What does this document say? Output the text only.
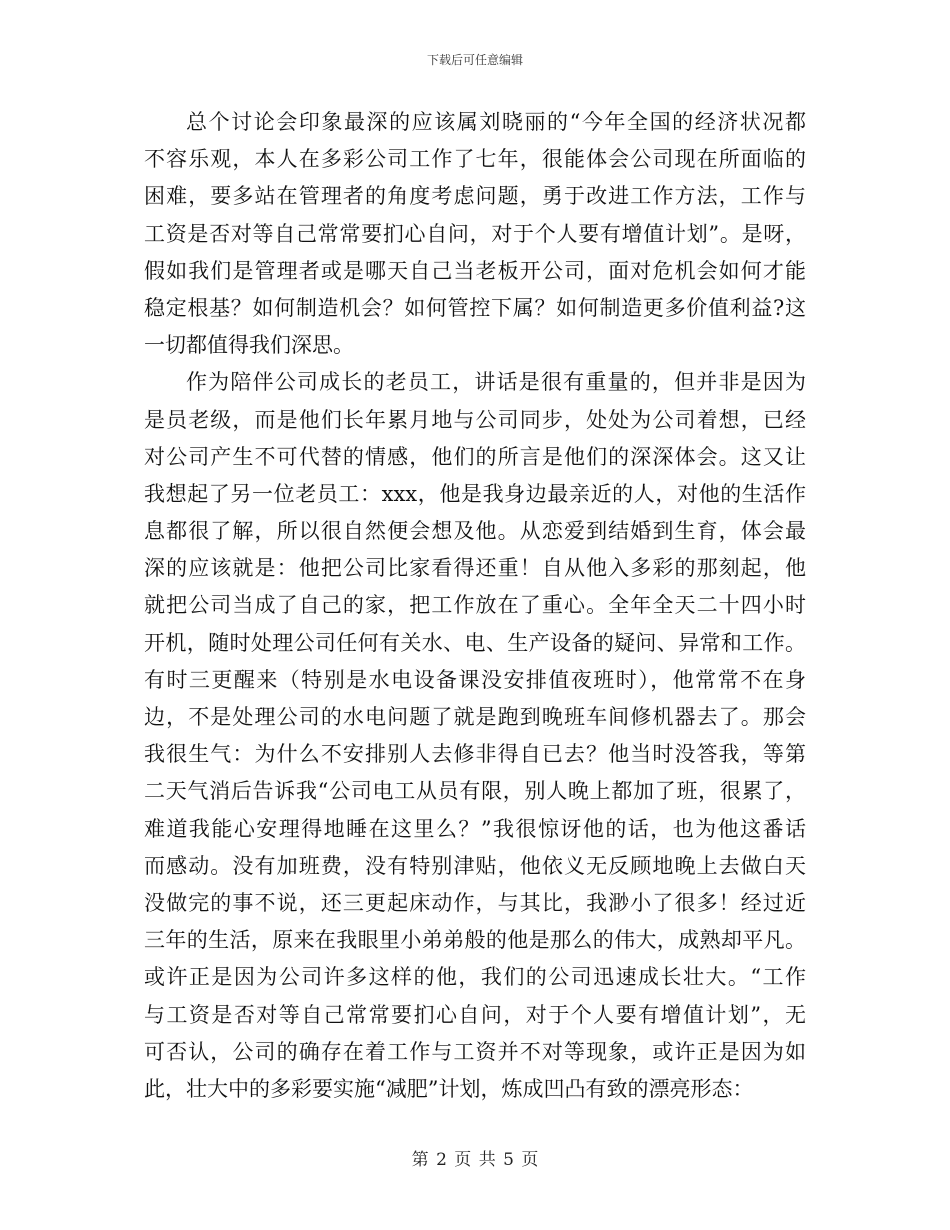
下载后可任意编辑
总个讨论会印象最深的应该属刘晓丽的“今年全国的经济状况都
不容乐观，本人在多彩公司工作了七年，很能体会公司现在所面临的
困难，要多站在管理者的角度考虑问题，勇于改进工作方法，工作与
工资是否对等自己常常要扪心自问，对于个人要有增值计划”。是呀，
假如我们是管理者或是哪天自己当老板开公司，面对危机会如何才能
稳定根基？如何制造机会？如何管控下属？如何制造更多价值利益?这
一切都值得我们深思。
作为陪伴公司成长的老员工，讲话是很有重量的，但并非是因为
是员老级，而是他们长年累月地与公司同步，处处为公司着想，已经
对公司产生不可代替的情感，他们的所言是他们的深深体会。这又让
我想起了另一位老员工：xxx，他是我身边最亲近的人，对他的生活作
息都很了解，所以很自然便会想及他。从恋爱到结婚到生育，体会最
深的应该就是：他把公司比家看得还重！自从他入多彩的那刻起，他
就把公司当成了自己的家，把工作放在了重心。全年全天二十四小时
开机，随时处理公司任何有关水、电、生产设备的疑问、异常和工作。
有时三更醒来（特别是水电设备课没安排值夜班时），他常常不在身
边，不是处理公司的水电问题了就是跑到晚班车间修机器去了。那会
我很生气：为什么不安排别人去修非得自已去？他当时没答我，等第
二天气消后告诉我“公司电工从员有限，别人晚上都加了班，很累了，
难道我能心安理得地睡在这里么？”我很惊讶他的话，也为他这番话
而感动。没有加班费，没有特别津贴，他依义无反顾地晚上去做白天
没做完的事不说，还三更起床动作，与其比，我渺小了很多！经过近
三年的生活，原来在我眼里小弟弟般的他是那么的伟大，成熟却平凡。
或许正是因为公司许多这样的他，我们的公司迅速成长壮大。“工作
与工资是否对等自己常常要扪心自问，对于个人要有增值计划”，无
可否认，公司的确存在着工作与工资并不对等现象，或许正是因为如
此，壮大中的多彩要实施“减肥”计划，炼成凹凸有致的漂亮形态：
第 2 页 共 5 页
